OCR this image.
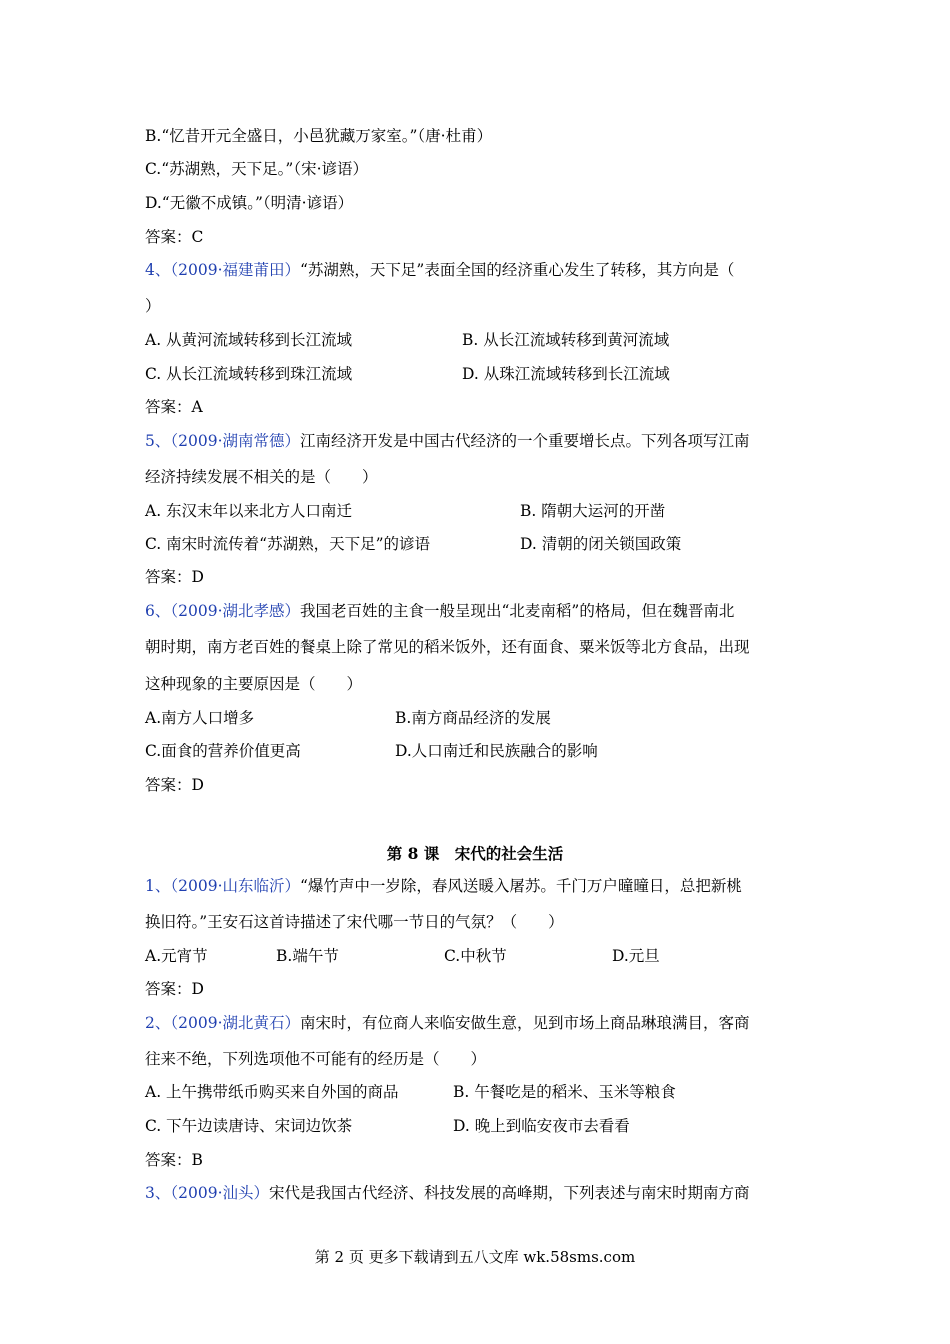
B.“忆昔开元全盛日，小邑犹藏万家室。”（唐·杜甫）
C.“苏湖熟，天下足。”（宋·谚语）
D.“无徽不成镇。”（明清·谚语）
答案：C
4、（2009·福建莆田）“苏湖熟，天下足”表面全国的经济重心发生了转移，其方向是（
）
A. 从黄河流域转移到长江流域	B. 从长江流域转移到黄河流域
C. 从长江流域转移到珠江流域	D. 从珠江流域转移到长江流域
答案：A
5、（2009·湖南常德）江南经济开发是中国古代经济的一个重要增长点。下列各项写江南
经济持续发展不相关的是（　　）
A. 东汉末年以来北方人口南迁	B. 隋朝大运河的开凿
C. 南宋时流传着“苏湖熟，天下足”的谚语	D. 清朝的闭关锁国政策
答案：D
6、（2009·湖北孝感）我国老百姓的主食一般呈现出“北麦南稻”的格局，但在魏晋南北
朝时期，南方老百姓的餐桌上除了常见的稻米饭外，还有面食、粟米饭等北方食品，出现
这种现象的主要原因是（　　）
A.南方人口增多	B.南方商品经济的发展
C.面食的营养价值更高	D.人口南迁和民族融合的影响
答案：D
第 8 课　宋代的社会生活
1、（2009·山东临沂）“爆竹声中一岁除，春风送暖入屠苏。千门万户曈曈日，总把新桃
换旧符。”王安石这首诗描述了宋代哪一节日的气氛？（　　）
A.元宵节	B.端午节	C.中秋节	D.元旦
答案：D
2、（2009·湖北黄石）南宋时，有位商人来临安做生意，见到市场上商品琳琅满目，客商
往来不绝，下列选项他不可能有的经历是（　　）
A. 上午携带纸币购买来自外国的商品	B. 午餐吃是的稻米、玉米等粮食
C. 下午边读唐诗、宋词边饮茶	D. 晚上到临安夜市去看看
答案：B
3、（2009·汕头）宋代是我国古代经济、科技发展的高峰期，下列表述与南宋时期南方商
第 2 页 更多下载请到五八文库 wk.58sms.com
